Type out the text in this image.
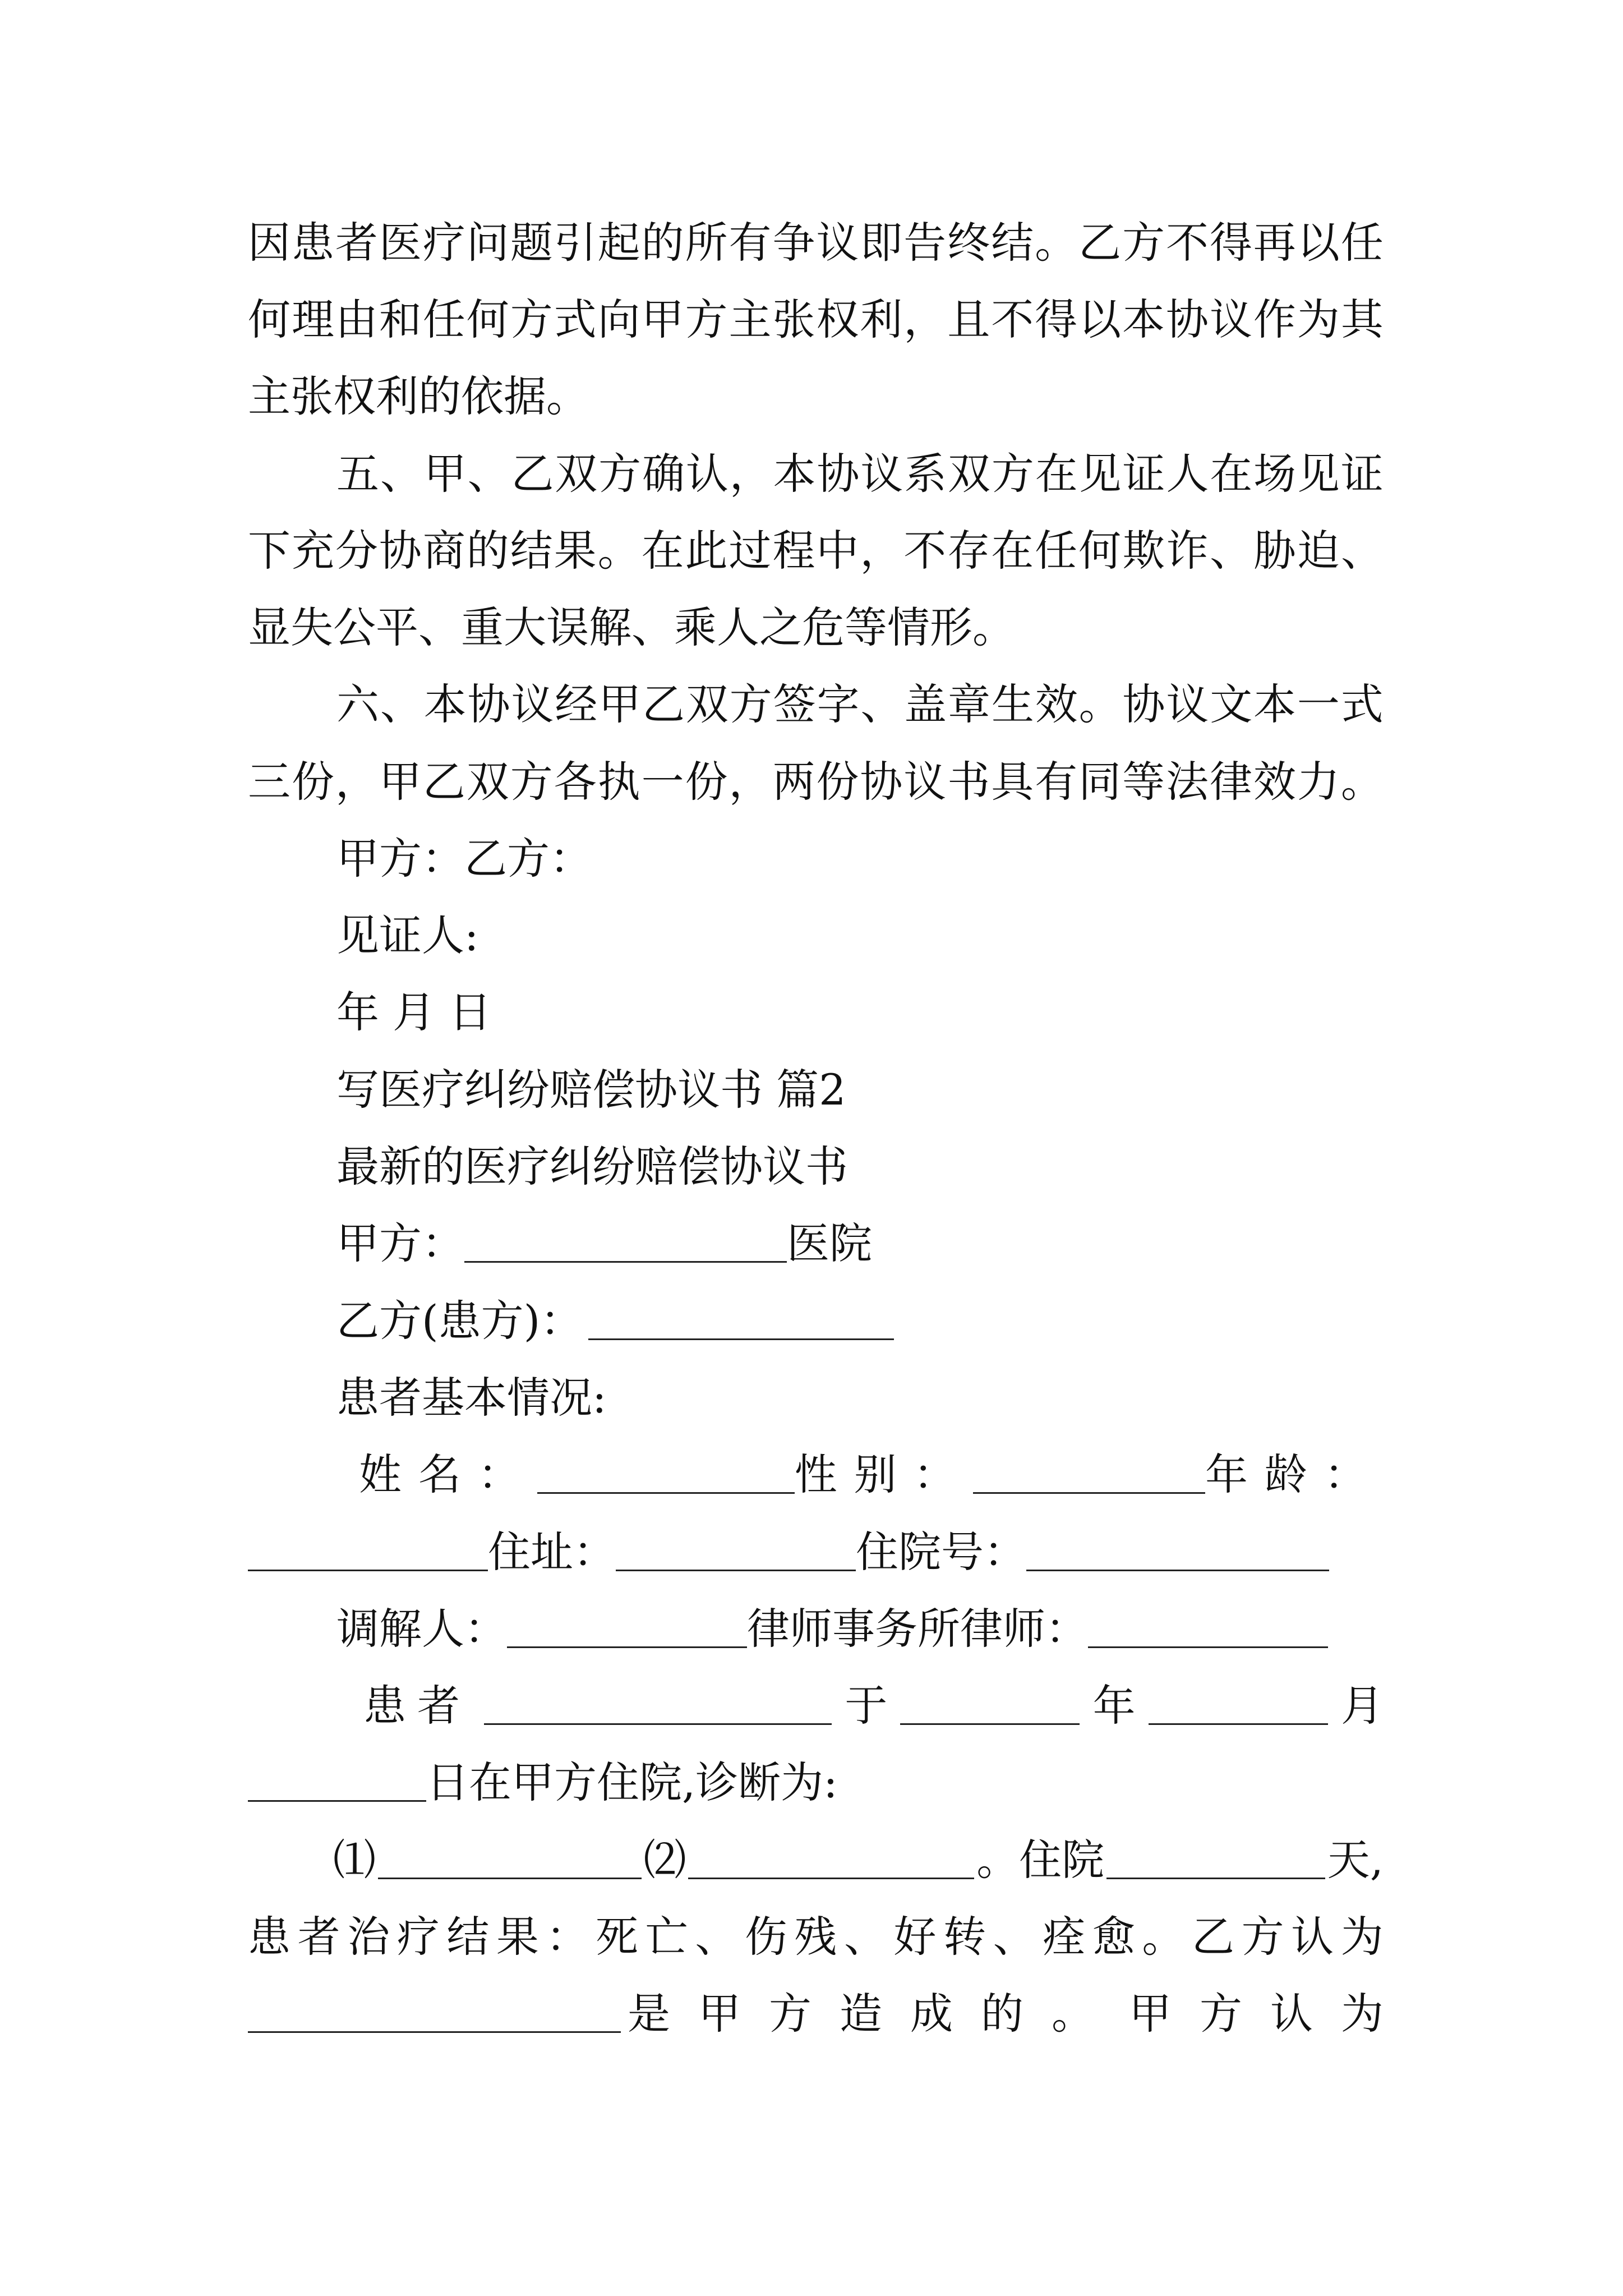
因 患 者 医 疗 问 题 引 起 的 所 有 争 议 即 告 终 结 。 乙 方 不 得 再 以 任
何 理 由 和 任 何 方 式 向 甲 方 主 张 权 利 ， 且 不 得 以 本 协 议 作 为 其
主张权利的依据。
五 、 甲 、 乙 双 方 确 认 ， 本 协 议 系 双 方 在 见 证 人 在 场 见 证
下 充 分 协 商 的 结 果 。 在 此 过 程 中 ， 不 存 在 任 何 欺 诈 、 胁 迫 、
显失公平、重大误解、乘人之危等情形。
六 、 本 协 议 经 甲 乙 双 方 签 字 、 盖 章 生 效 。 协 议 文 本 一 式
三 份 ， 甲 乙 双 方 各 执 一 份 ， 两 份 协 议 书 具 有 同 等 法 律 效 力 。
甲方：乙方：
见证人:
年 月 日
写医疗纠纷赔偿协议书 篇2
最新的医疗纠纷赔偿协议书
甲方：	医院
乙方(患方)：
患者基本情况:
姓名：	性别：	年龄：
住址：	住院号：
调解人：	律师事务所律师：
患者	于	年	月
日在甲方住院,诊断为:
⑴	⑵	。住院	天,
患 者 治 疗 结 果 ： 死 亡 、 伤 残 、 好 转 、 痊 愈 。 乙 方 认 为
是甲方造成的。 甲方认为
